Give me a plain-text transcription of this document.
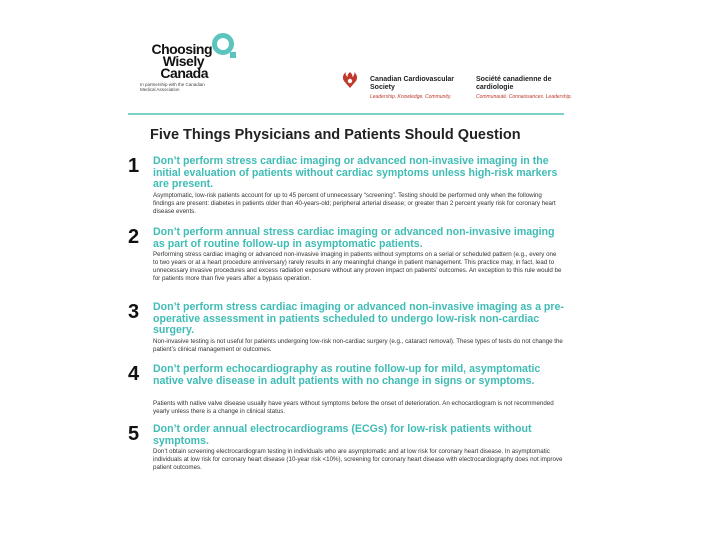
Choosing
Wisely
Canada
In partnership with the Canadian Medical Association
Canadian Cardiovascular Society
Leadership. Knowledge. Community.
Société canadienne de cardiologie
Communauté. Connaissances. Leadership.
Five Things Physicians and Patients Should Question
1	Don’t perform stress cardiac imaging or advanced non-invasive imaging in the initial evaluation of patients without cardiac symptoms unless high-risk markers are present.
Asymptomatic, low-risk patients account for up to 45 percent of unnecessary “screening”. Testing should be performed only when the following findings are present: diabetes in patients older than 40-years-old; peripheral arterial disease; or greater than 2 percent yearly risk for coronary heart disease events.
2	Don’t perform annual stress cardiac imaging or advanced non-invasive imaging as part of routine follow-up in asymptomatic patients.
Performing stress cardiac imaging or advanced non-invasive imaging in patients without symptoms on a serial or scheduled pattern (e.g., every one to two years or at a heart procedure anniversary) rarely results in any meaningful change in patient management. This practice may, in fact, lead to unnecessary invasive procedures and excess radiation exposure without any proven impact on patients’ outcomes. An exception to this rule would be for patients more than five years after a bypass operation.
3	Don’t perform stress cardiac imaging or advanced non-invasive imaging as a pre-operative assessment in patients scheduled to undergo low-risk non-cardiac surgery.
Non-invasive testing is not useful for patients undergoing low-risk non-cardiac surgery (e.g., cataract removal). These types of tests do not change the patient’s clinical management or outcomes.
4	Don’t perform echocardiography as routine follow-up for mild, asymptomatic native valve disease in adult patients with no change in signs or symptoms.
Patients with native valve disease usually have years without symptoms before the onset of deterioration. An echocardiogram is not recommended yearly unless there is a change in clinical status.
5	Don’t order annual electrocardiograms (ECGs) for low-risk patients without symptoms.
Don’t obtain screening electrocardiogram testing in individuals who are asymptomatic and at low risk for coronary heart disease. In asymptomatic individuals at low risk for coronary heart disease (10-year risk <10%), screening for coronary heart disease with electrocardiography does not improve patient outcomes.
